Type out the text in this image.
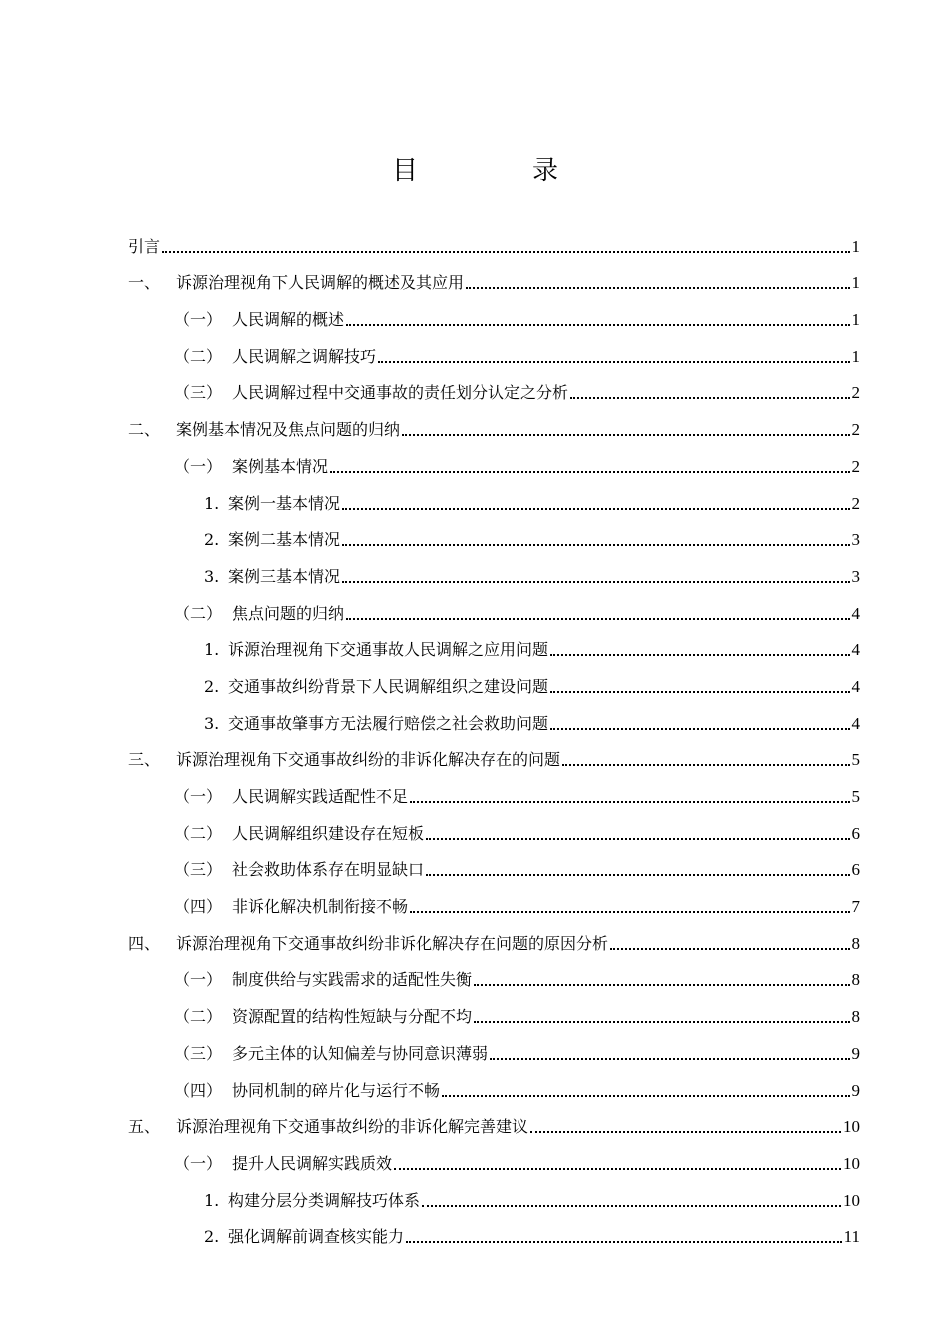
目　录
引言	1
一、 诉源治理视角下人民调解的概述及其应用	1
（一） 人民调解的概述	1
（二） 人民调解之调解技巧	1
（三） 人民调解过程中交通事故的责任划分认定之分析	2
二、 案例基本情况及焦点问题的归纳	2
（一） 案例基本情况	2
1. 案例一基本情况	2
2. 案例二基本情况	3
3. 案例三基本情况	3
（二） 焦点问题的归纳	4
1. 诉源治理视角下交通事故人民调解之应用问题	4
2. 交通事故纠纷背景下人民调解组织之建设问题	4
3. 交通事故肇事方无法履行赔偿之社会救助问题	4
三、 诉源治理视角下交通事故纠纷的非诉化解决存在的问题	5
（一） 人民调解实践适配性不足	5
（二） 人民调解组织建设存在短板	6
（三） 社会救助体系存在明显缺口	6
（四） 非诉化解决机制衔接不畅	7
四、 诉源治理视角下交通事故纠纷非诉化解决存在问题的原因分析	8
（一） 制度供给与实践需求的适配性失衡	8
（二） 资源配置的结构性短缺与分配不均	8
（三） 多元主体的认知偏差与协同意识薄弱	9
（四） 协同机制的碎片化与运行不畅	9
五、 诉源治理视角下交通事故纠纷的非诉化解完善建议	10
（一） 提升人民调解实践质效	10
1. 构建分层分类调解技巧体系	10
2. 强化调解前调查核实能力	11
